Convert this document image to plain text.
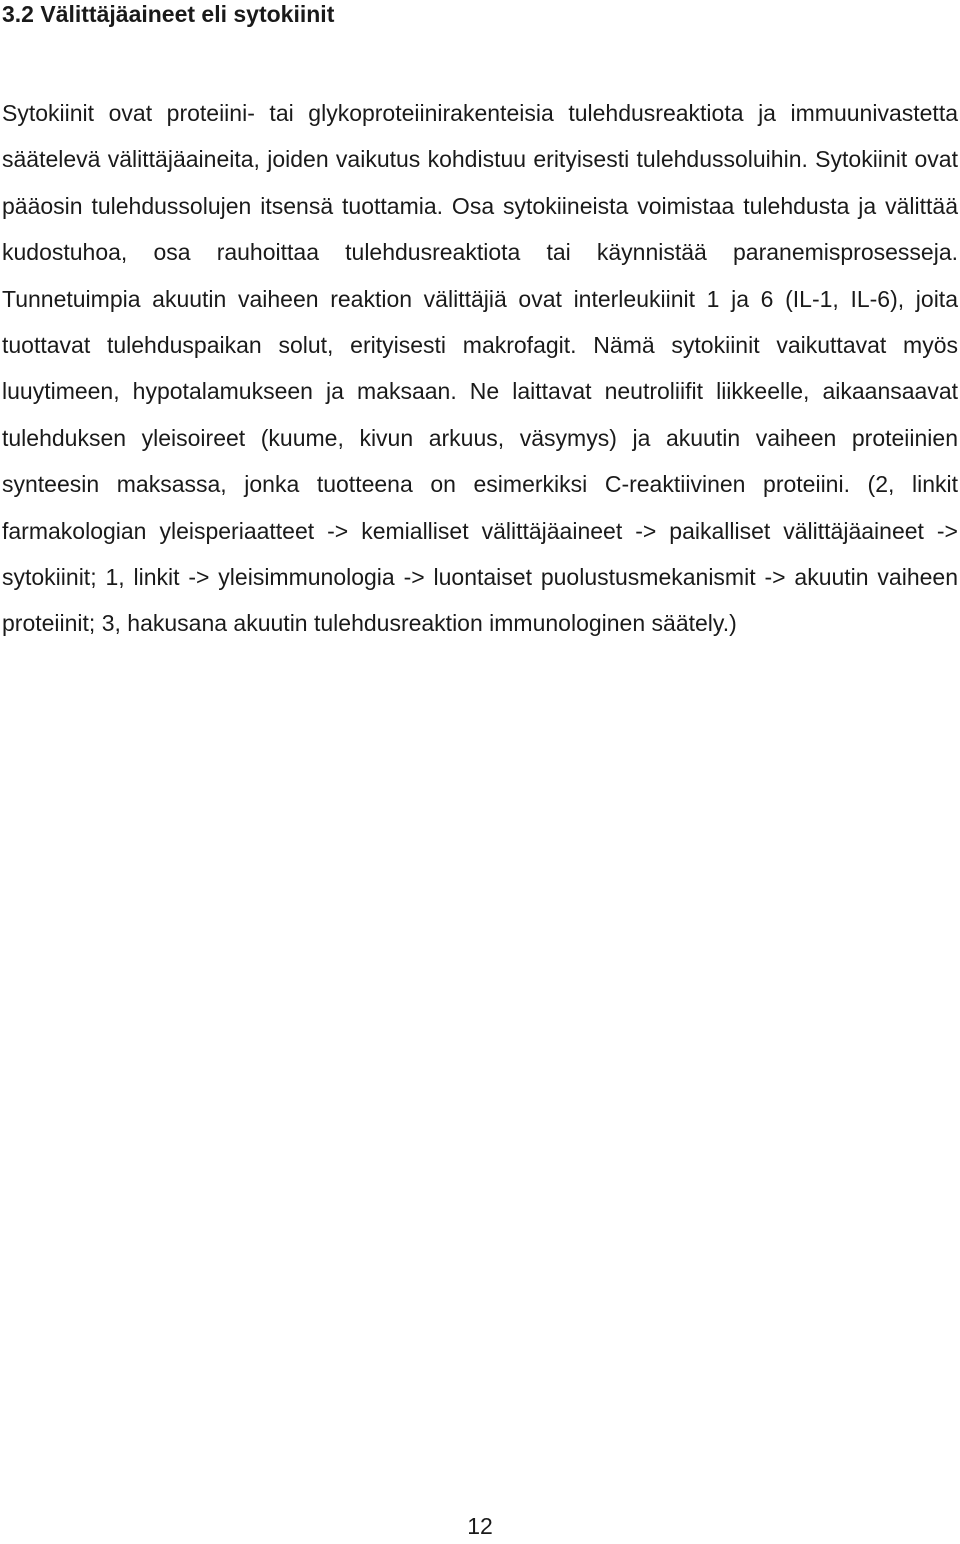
3.2 Välittäjäaineet eli sytokiinit

Sytokiinit ovat proteiini- tai glykoproteiinirakenteisia tulehdusreaktiota ja immuunivastetta säätelevä välittäjäaineita, joiden vaikutus kohdistuu erityisesti tulehdussoluihin. Sytokiinit ovat pääosin tulehdussolujen itsensä tuottamia. Osa sytokiineista voimistaa tulehdusta ja välittää kudostuhoa, osa rauhoittaa tulehdusreaktiota tai käynnistää paranemisprosesseja. Tunnetuimpia akuutin vaiheen reaktion välittäjiä ovat interleukiinit 1 ja 6 (IL-1, IL-6), joita tuottavat tulehduspaikan solut, erityisesti makrofagit. Nämä sytokiinit vaikuttavat myös luuytimeen, hypotalamukseen ja maksaan. Ne laittavat neutroliifit liikkeelle, aikaansaavat tulehduksen yleisoireet (kuume, kivun arkuus, väsymys) ja akuutin vaiheen proteiinien synteesin maksassa, jonka tuotteena on esimerkiksi C-reaktiivinen proteiini. (2, linkit farmakologian yleisperiaatteet -> kemialliset välittäjäaineet -> paikalliset välittäjäaineet -> sytokiinit; 1, linkit -> yleisimmunologia -> luontaiset puolustusmekanismit -> akuutin vaiheen proteiinit; 3, hakusana akuutin tulehdusreaktion immunologinen säätely.)

12
